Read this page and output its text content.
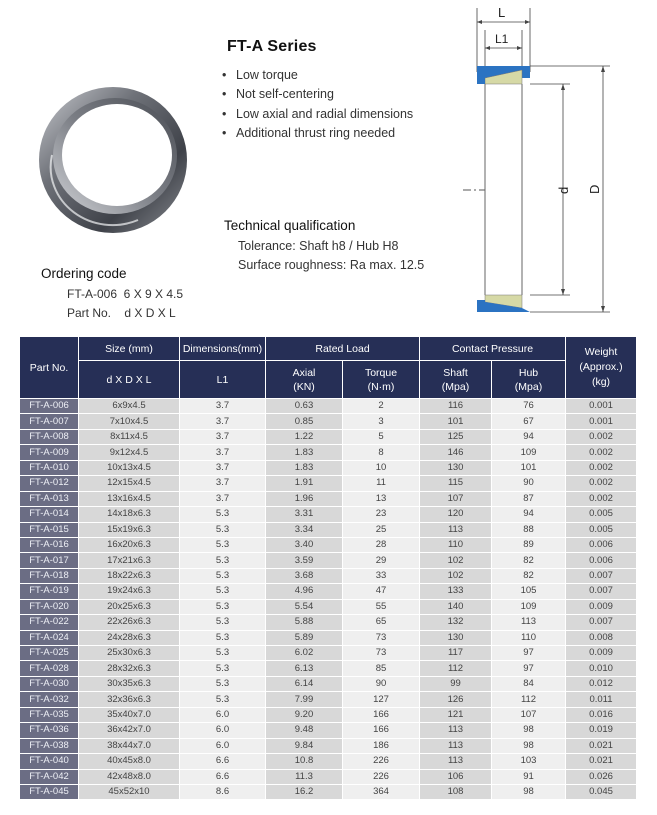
FT-A Series
• Low torque
• Not self-centering
• Low axial and radial dimensions
• Additional thrust ring needed
Technical qualification
Tolerance: Shaft h8 / Hub H8
Surface roughness: Ra max. 12.5
Ordering code
FT-A-006  6 X 9 X 4.5
Part No.    d X D X L
L
L1
d D
Part No.	Size (mm)	Dimensions(mm)	Rated Load		Contact Pressure		Weight (Approx.) (kg)
	d X D X L	L1	Axial (KN)	Torque (N·m)	Shaft (Mpa)	Hub (Mpa)	
FT-A-006	6x9x4.5	3.7	0.63	2	116	76	0.001
FT-A-007	7x10x4.5	3.7	0.85	3	101	67	0.001
FT-A-008	8x11x4.5	3.7	1.22	5	125	94	0.002
FT-A-009	9x12x4.5	3.7	1.83	8	146	109	0.002
FT-A-010	10x13x4.5	3.7	1.83	10	130	101	0.002
FT-A-012	12x15x4.5	3.7	1.91	11	115	90	0.002
FT-A-013	13x16x4.5	3.7	1.96	13	107	87	0.002
FT-A-014	14x18x6.3	5.3	3.31	23	120	94	0.005
FT-A-015	15x19x6.3	5.3	3.34	25	113	88	0.005
FT-A-016	16x20x6.3	5.3	3.40	28	110	89	0.006
FT-A-017	17x21x6.3	5.3	3.59	29	102	82	0.006
FT-A-018	18x22x6.3	5.3	3.68	33	102	82	0.007
FT-A-019	19x24x6.3	5.3	4.96	47	133	105	0.007
FT-A-020	20x25x6.3	5.3	5.54	55	140	109	0.009
FT-A-022	22x26x6.3	5.3	5.88	65	132	113	0.007
FT-A-024	24x28x6.3	5.3	5.89	73	130	110	0.008
FT-A-025	25x30x6.3	5.3	6.02	73	117	97	0.009
FT-A-028	28x32x6.3	5.3	6.13	85	112	97	0.010
FT-A-030	30x35x6.3	5.3	6.14	90	99	84	0.012
FT-A-032	32x36x6.3	5.3	7.99	127	126	112	0.011
FT-A-035	35x40x7.0	6.0	9.20	166	121	107	0.016
FT-A-036	36x42x7.0	6.0	9.48	166	113	98	0.019
FT-A-038	38x44x7.0	6.0	9.84	186	113	98	0.021
FT-A-040	40x45x8.0	6.6	10.8	226	113	103	0.021
FT-A-042	42x48x8.0	6.6	11.3	226	106	91	0.026
FT-A-045	45x52x10	8.6	16.2	364	108	98	0.045
